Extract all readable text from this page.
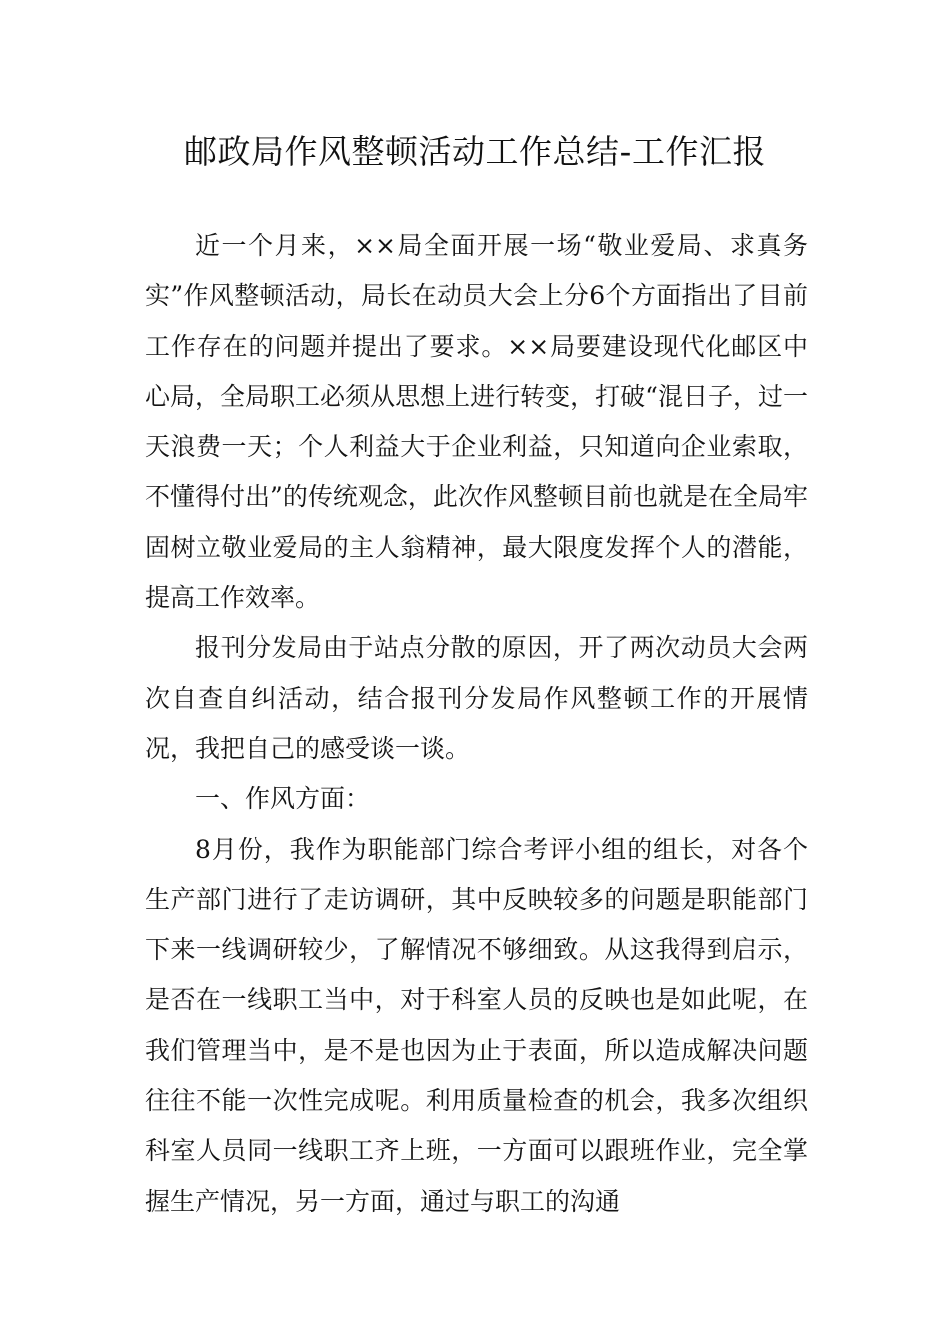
邮政局作风整顿活动工作总结-工作汇报

近一个月来，××局全面开展一场“敬业爱局、求真务实”作风整顿活动，局长在动员大会上分6个方面指出了目前工作存在的问题并提出了要求。××局要建设现代化邮区中心局，全局职工必须从思想上进行转变，打破“混日子，过一天浪费一天；个人利益大于企业利益，只知道向企业索取，不懂得付出”的传统观念，此次作风整顿目前也就是在全局牢固树立敬业爱局的主人翁精神，最大限度发挥个人的潜能，提高工作效率。

报刊分发局由于站点分散的原因，开了两次动员大会两次自查自纠活动，结合报刊分发局作风整顿工作的开展情况，我把自己的感受谈一谈。

一、作风方面：

8月份，我作为职能部门综合考评小组的组长，对各个生产部门进行了走访调研，其中反映较多的问题是职能部门下来一线调研较少，了解情况不够细致。从这我得到启示，是否在一线职工当中，对于科室人员的反映也是如此呢，在我们管理当中，是不是也因为止于表面，所以造成解决问题往往不能一次性完成呢。利用质量检查的机会，我多次组织科室人员同一线职工齐上班，一方面可以跟班作业，完全掌握生产情况，另一方面，通过与职工的沟通
